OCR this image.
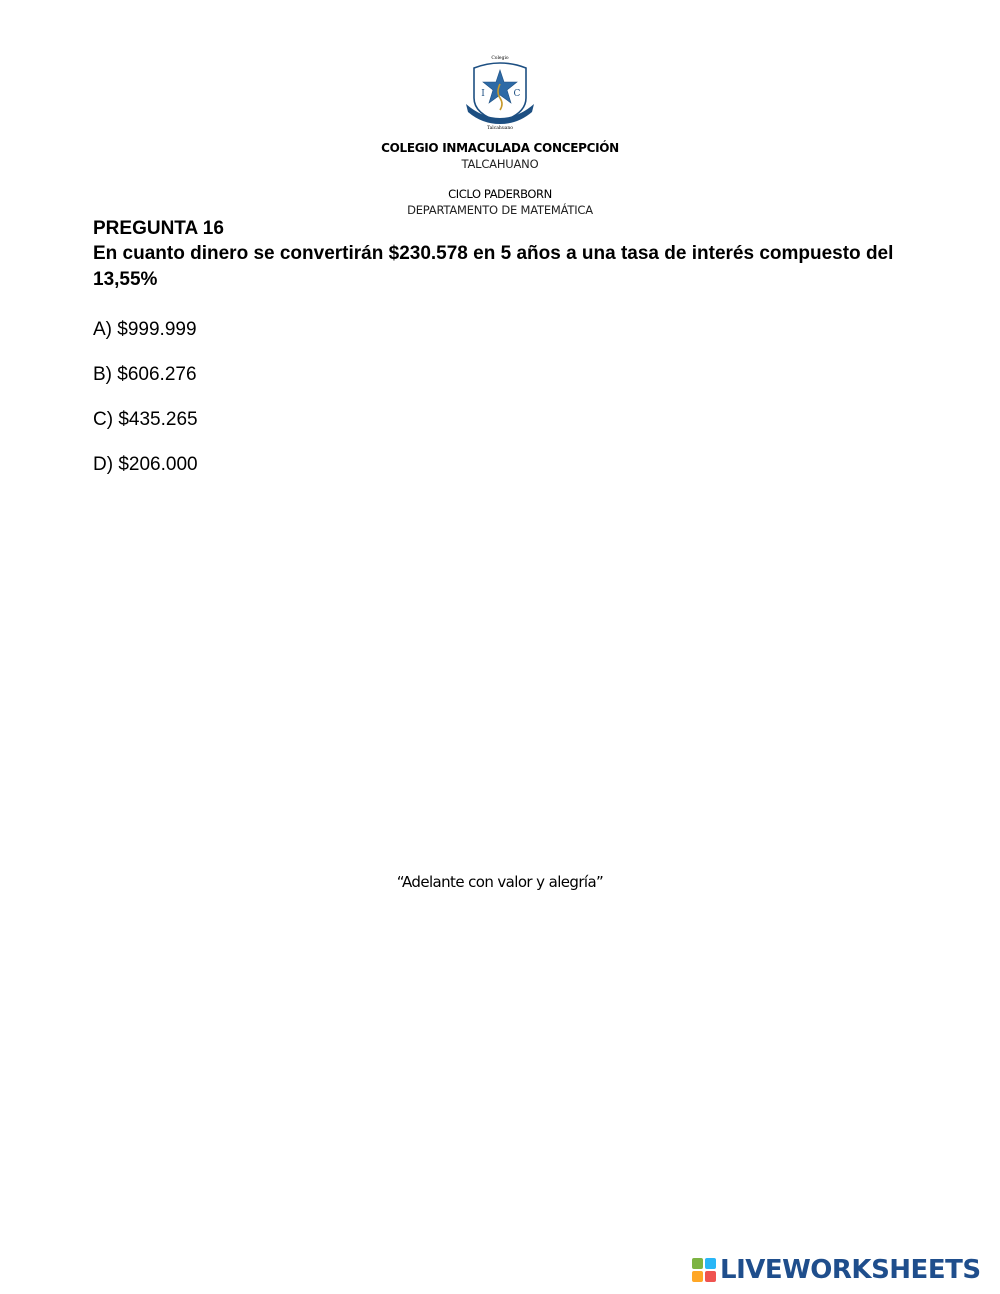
Colegio
I	C
Talcahuano
COLEGIO INMACULADA CONCEPCIÓN
TALCAHUANO
CICLO PADERBORN
DEPARTAMENTO DE MATEMÁTICA
PREGUNTA 16
En cuanto dinero se convertirán $230.578 en 5 años a una tasa de interés compuesto del 13,55%
A) $999.999
B) $606.276
C) $435.265
D) $206.000
“Adelante con valor y alegría”
LIVEWORKSHEETS
